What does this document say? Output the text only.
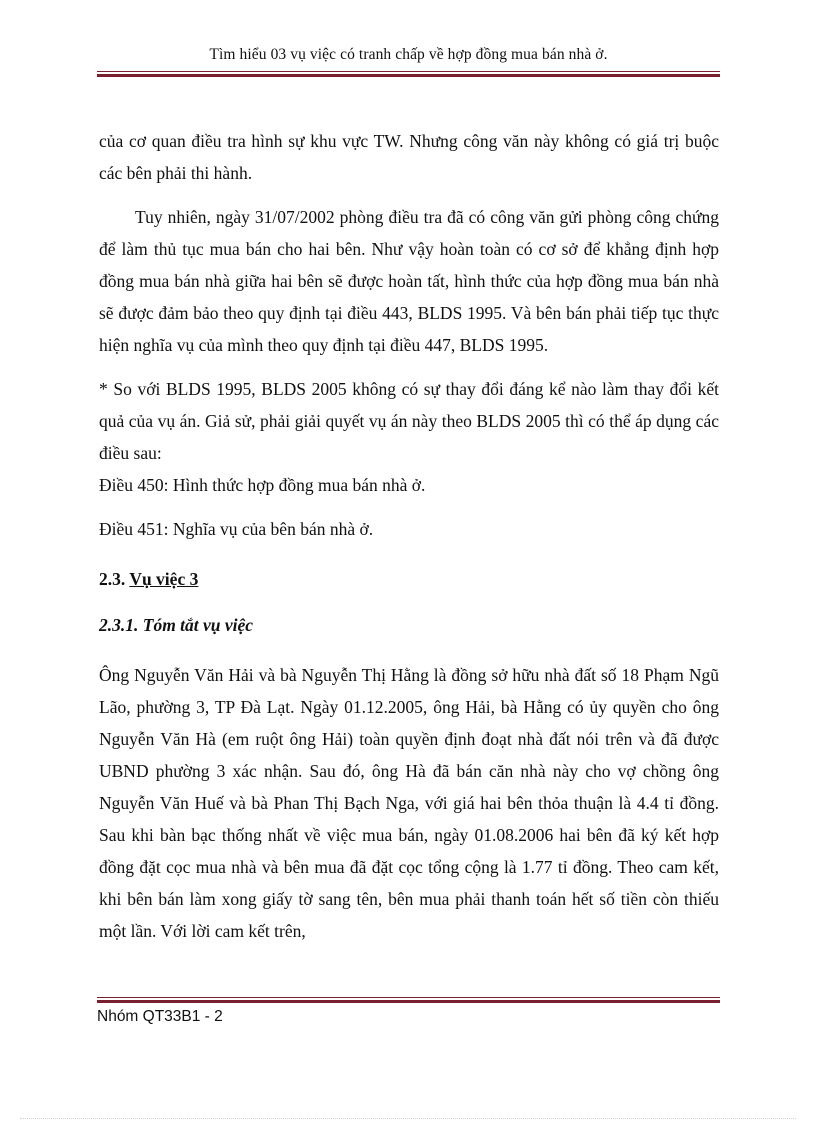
Tìm hiểu 03 vụ việc có tranh chấp về hợp đồng mua bán nhà ở.

của cơ quan điều tra hình sự khu vực TW. Nhưng công văn này không có giá trị buộc các bên phải thi hành.

Tuy nhiên, ngày 31/07/2002 phòng điều tra đã có công văn gửi phòng công chứng để làm thủ tục mua bán cho hai bên. Như vậy hoàn toàn có cơ sở để khẳng định hợp đồng mua bán nhà giữa hai bên sẽ được hoàn tất, hình thức của hợp đồng mua bán nhà sẽ được đảm bảo theo quy định tại điều 443, BLDS 1995. Và bên bán phải tiếp tục thực hiện nghĩa vụ của mình theo quy định tại điều 447, BLDS 1995.

* So với BLDS 1995, BLDS 2005 không có sự thay đổi đáng kể nào làm thay đổi kết quả của vụ án. Giả sử, phải giải quyết vụ án này theo BLDS 2005 thì có thể áp dụng các điều sau:

Điều 450: Hình thức hợp đồng mua bán nhà ở.

Điều 451: Nghĩa vụ của bên bán nhà ở.

2.3. Vụ việc 3

2.3.1. Tóm tắt vụ việc

Ông Nguyễn Văn Hải và bà Nguyễn Thị Hằng là đồng sở hữu nhà đất số 18 Phạm Ngũ Lão, phường 3, TP Đà Lạt. Ngày 01.12.2005, ông Hải, bà Hằng có ủy quyền cho ông Nguyễn Văn Hà (em ruột ông Hải) toàn quyền định đoạt nhà đất nói trên và đã được UBND phường 3 xác nhận. Sau đó, ông Hà đã bán căn nhà này cho vợ chồng ông Nguyễn Văn Huế và bà Phan Thị Bạch Nga, với giá hai bên thỏa thuận là 4.4 tỉ đồng. Sau khi bàn bạc thống nhất về việc mua bán, ngày 01.08.2006 hai bên đã ký kết hợp đồng đặt cọc mua nhà và bên mua đã đặt cọc tổng cộng là 1.77 tỉ đồng. Theo cam kết, khi bên bán làm xong giấy tờ sang tên, bên mua phải thanh toán hết số tiền còn thiếu một lần. Với lời cam kết trên,

Nhóm QT33B1 - 2
